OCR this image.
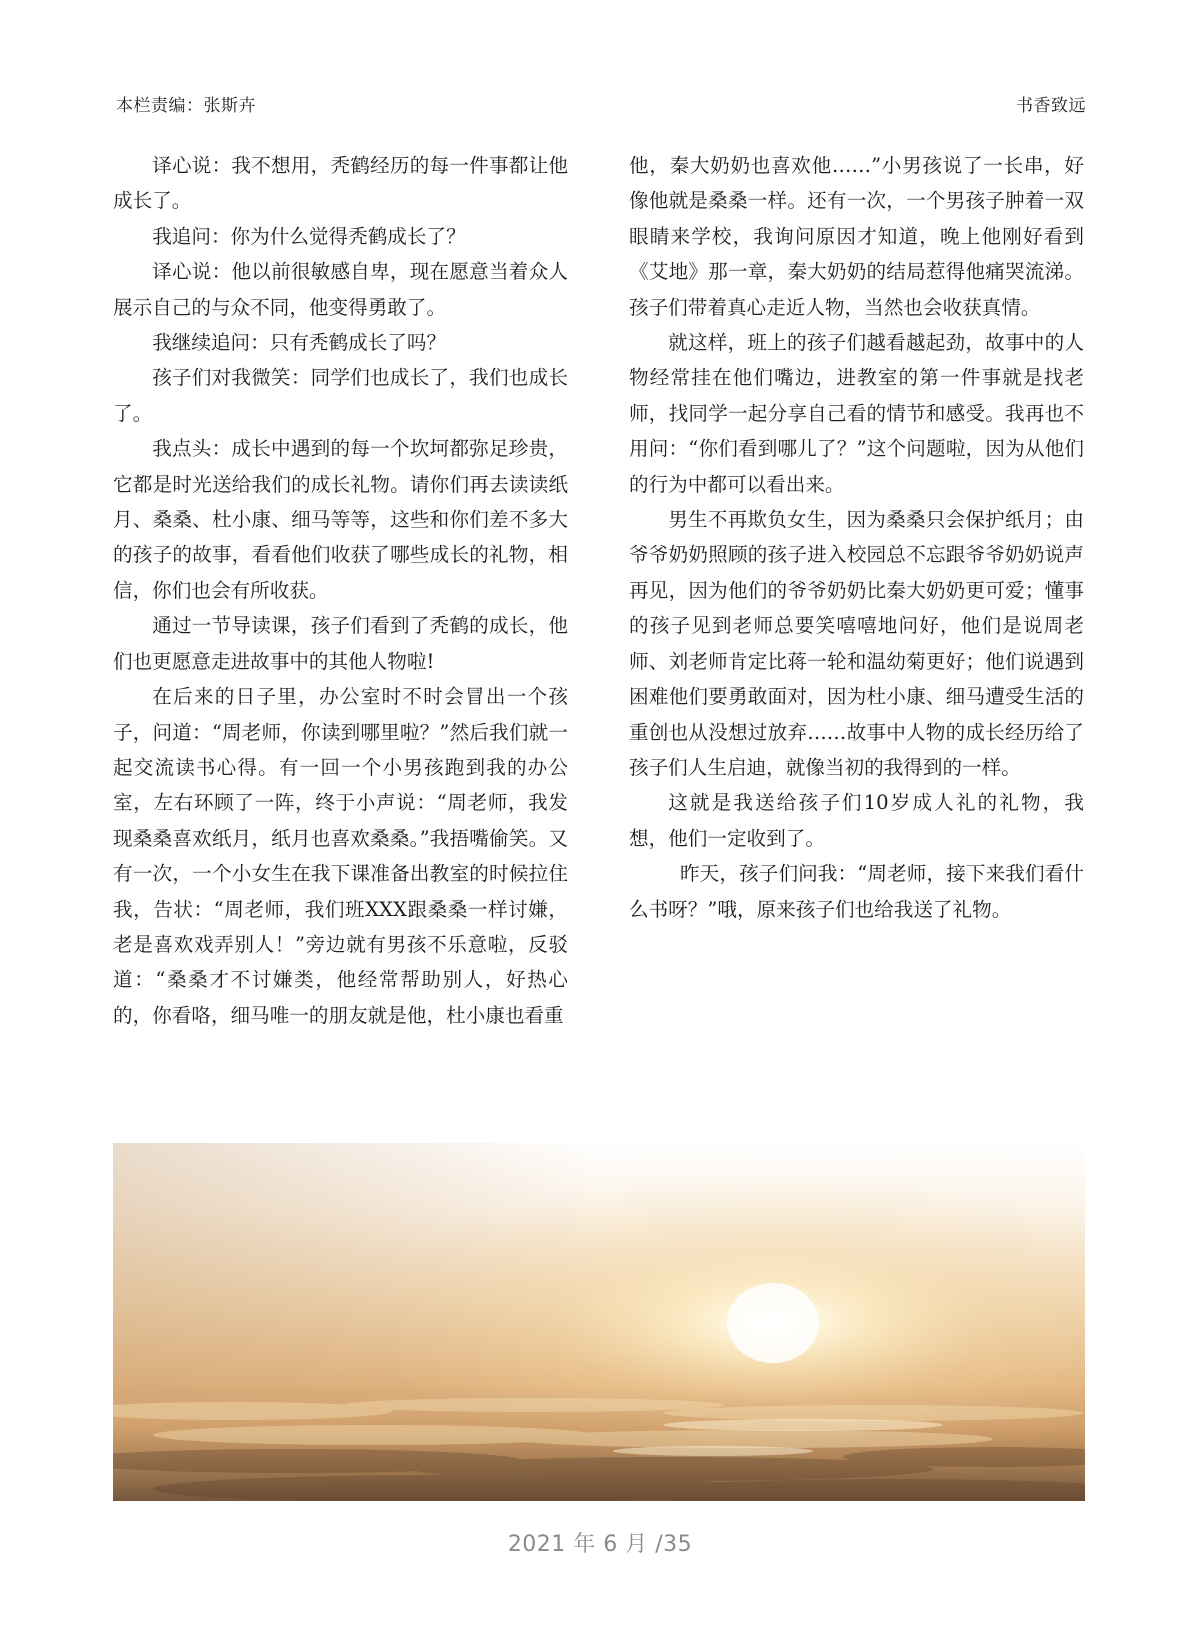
本栏责编：张斯卉	书香致远

译心说：我不想用，秃鹤经历的每一件事都让他成长了。

我追问：你为什么觉得秃鹤成长了？

译心说：他以前很敏感自卑，现在愿意当着众人展示自己的与众不同，他变得勇敢了。

我继续追问：只有秃鹤成长了吗？

孩子们对我微笑：同学们也成长了，我们也成长了。

我点头：成长中遇到的每一个坎坷都弥足珍贵，它都是时光送给我们的成长礼物。请你们再去读读纸月、桑桑、杜小康、细马等等，这些和你们差不多大的孩子的故事，看看他们收获了哪些成长的礼物，相信，你们也会有所收获。

通过一节导读课，孩子们看到了秃鹤的成长，他们也更愿意走进故事中的其他人物啦!

在后来的日子里，办公室时不时会冒出一个孩子，问道：“周老师，你读到哪里啦？”然后我们就一起交流读书心得。有一回一个小男孩跑到我的办公室，左右环顾了一阵，终于小声说：“周老师，我发现桑桑喜欢纸月，纸月也喜欢桑桑。”我捂嘴偷笑。又有一次，一个小女生在我下课准备出教室的时候拉住我，告状：“周老师，我们班XXX跟桑桑一样讨嫌，老是喜欢戏弄别人！”旁边就有男孩不乐意啦，反驳道：“桑桑才不讨嫌类，他经常帮助别人，好热心的，你看咯，细马唯一的朋友就是他，杜小康也看重

他，秦大奶奶也喜欢他……”小男孩说了一长串，好像他就是桑桑一样。还有一次，一个男孩子肿着一双眼睛来学校，我询问原因才知道，晚上他刚好看到《艾地》那一章，秦大奶奶的结局惹得他痛哭流涕。孩子们带着真心走近人物，当然也会收获真情。

就这样，班上的孩子们越看越起劲，故事中的人物经常挂在他们嘴边，进教室的第一件事就是找老师，找同学一起分享自己看的情节和感受。我再也不用问：“你们看到哪儿了？”这个问题啦，因为从他们的行为中都可以看出来。

男生不再欺负女生，因为桑桑只会保护纸月；由爷爷奶奶照顾的孩子进入校园总不忘跟爷爷奶奶说声再见，因为他们的爷爷奶奶比秦大奶奶更可爱；懂事的孩子见到老师总要笑嘻嘻地问好，他们是说周老师、刘老师肯定比蒋一轮和温幼菊更好；他们说遇到困难他们要勇敢面对，因为杜小康、细马遭受生活的重创也从没想过放弃……故事中人物的成长经历给了孩子们人生启迪，就像当初的我得到的一样。

这就是我送给孩子们10岁成人礼的礼物，我想，他们一定收到了。

昨天，孩子们问我：“周老师，接下来我们看什么书呀？”哦，原来孩子们也给我送了礼物。

2021 年 6 月 /35
